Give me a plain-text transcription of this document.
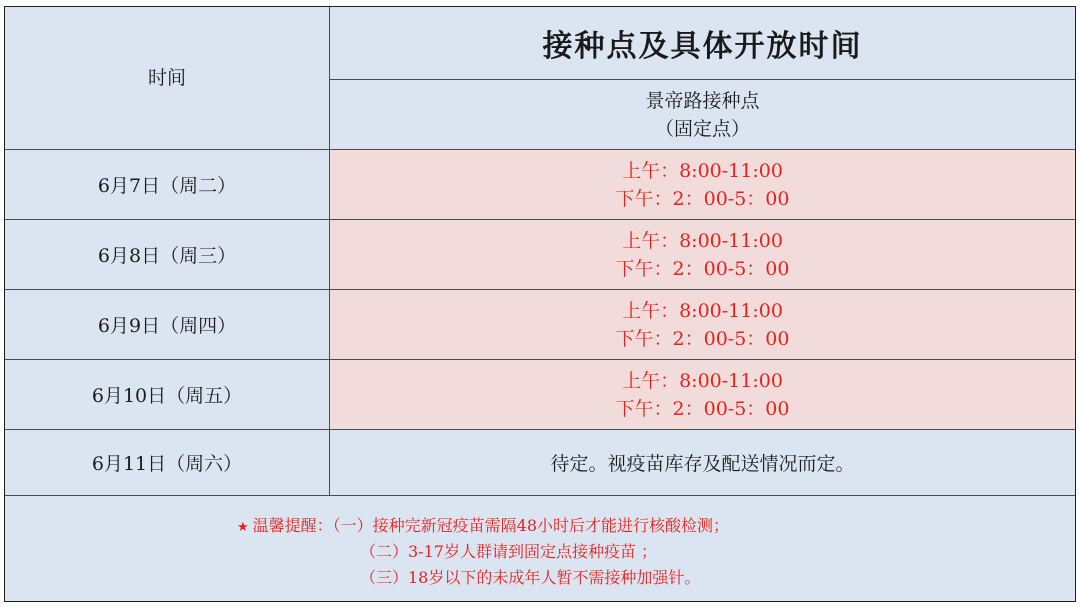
时间
接种点及具体开放时间
景帝路接种点
（固定点）
6月7日（周二）
上午：8:00-11:00
下午：2：00-5：00
6月8日（周三）
上午：8:00-11:00
下午：2：00-5：00
6月9日（周四）
上午：8:00-11:00
下午：2：00-5：00
6月10日（周五）
上午：8:00-11:00
下午：2：00-5：00
6月11日（周六）	待定。视疫苗库存及配送情况而定。
★ 温馨提醒：（一）接种完新冠疫苗需隔48小时后才能进行核酸检测；
（二）3-17岁人群请到固定点接种疫苗 ；
（三）18岁以下的未成年人暂不需接种加强针。
